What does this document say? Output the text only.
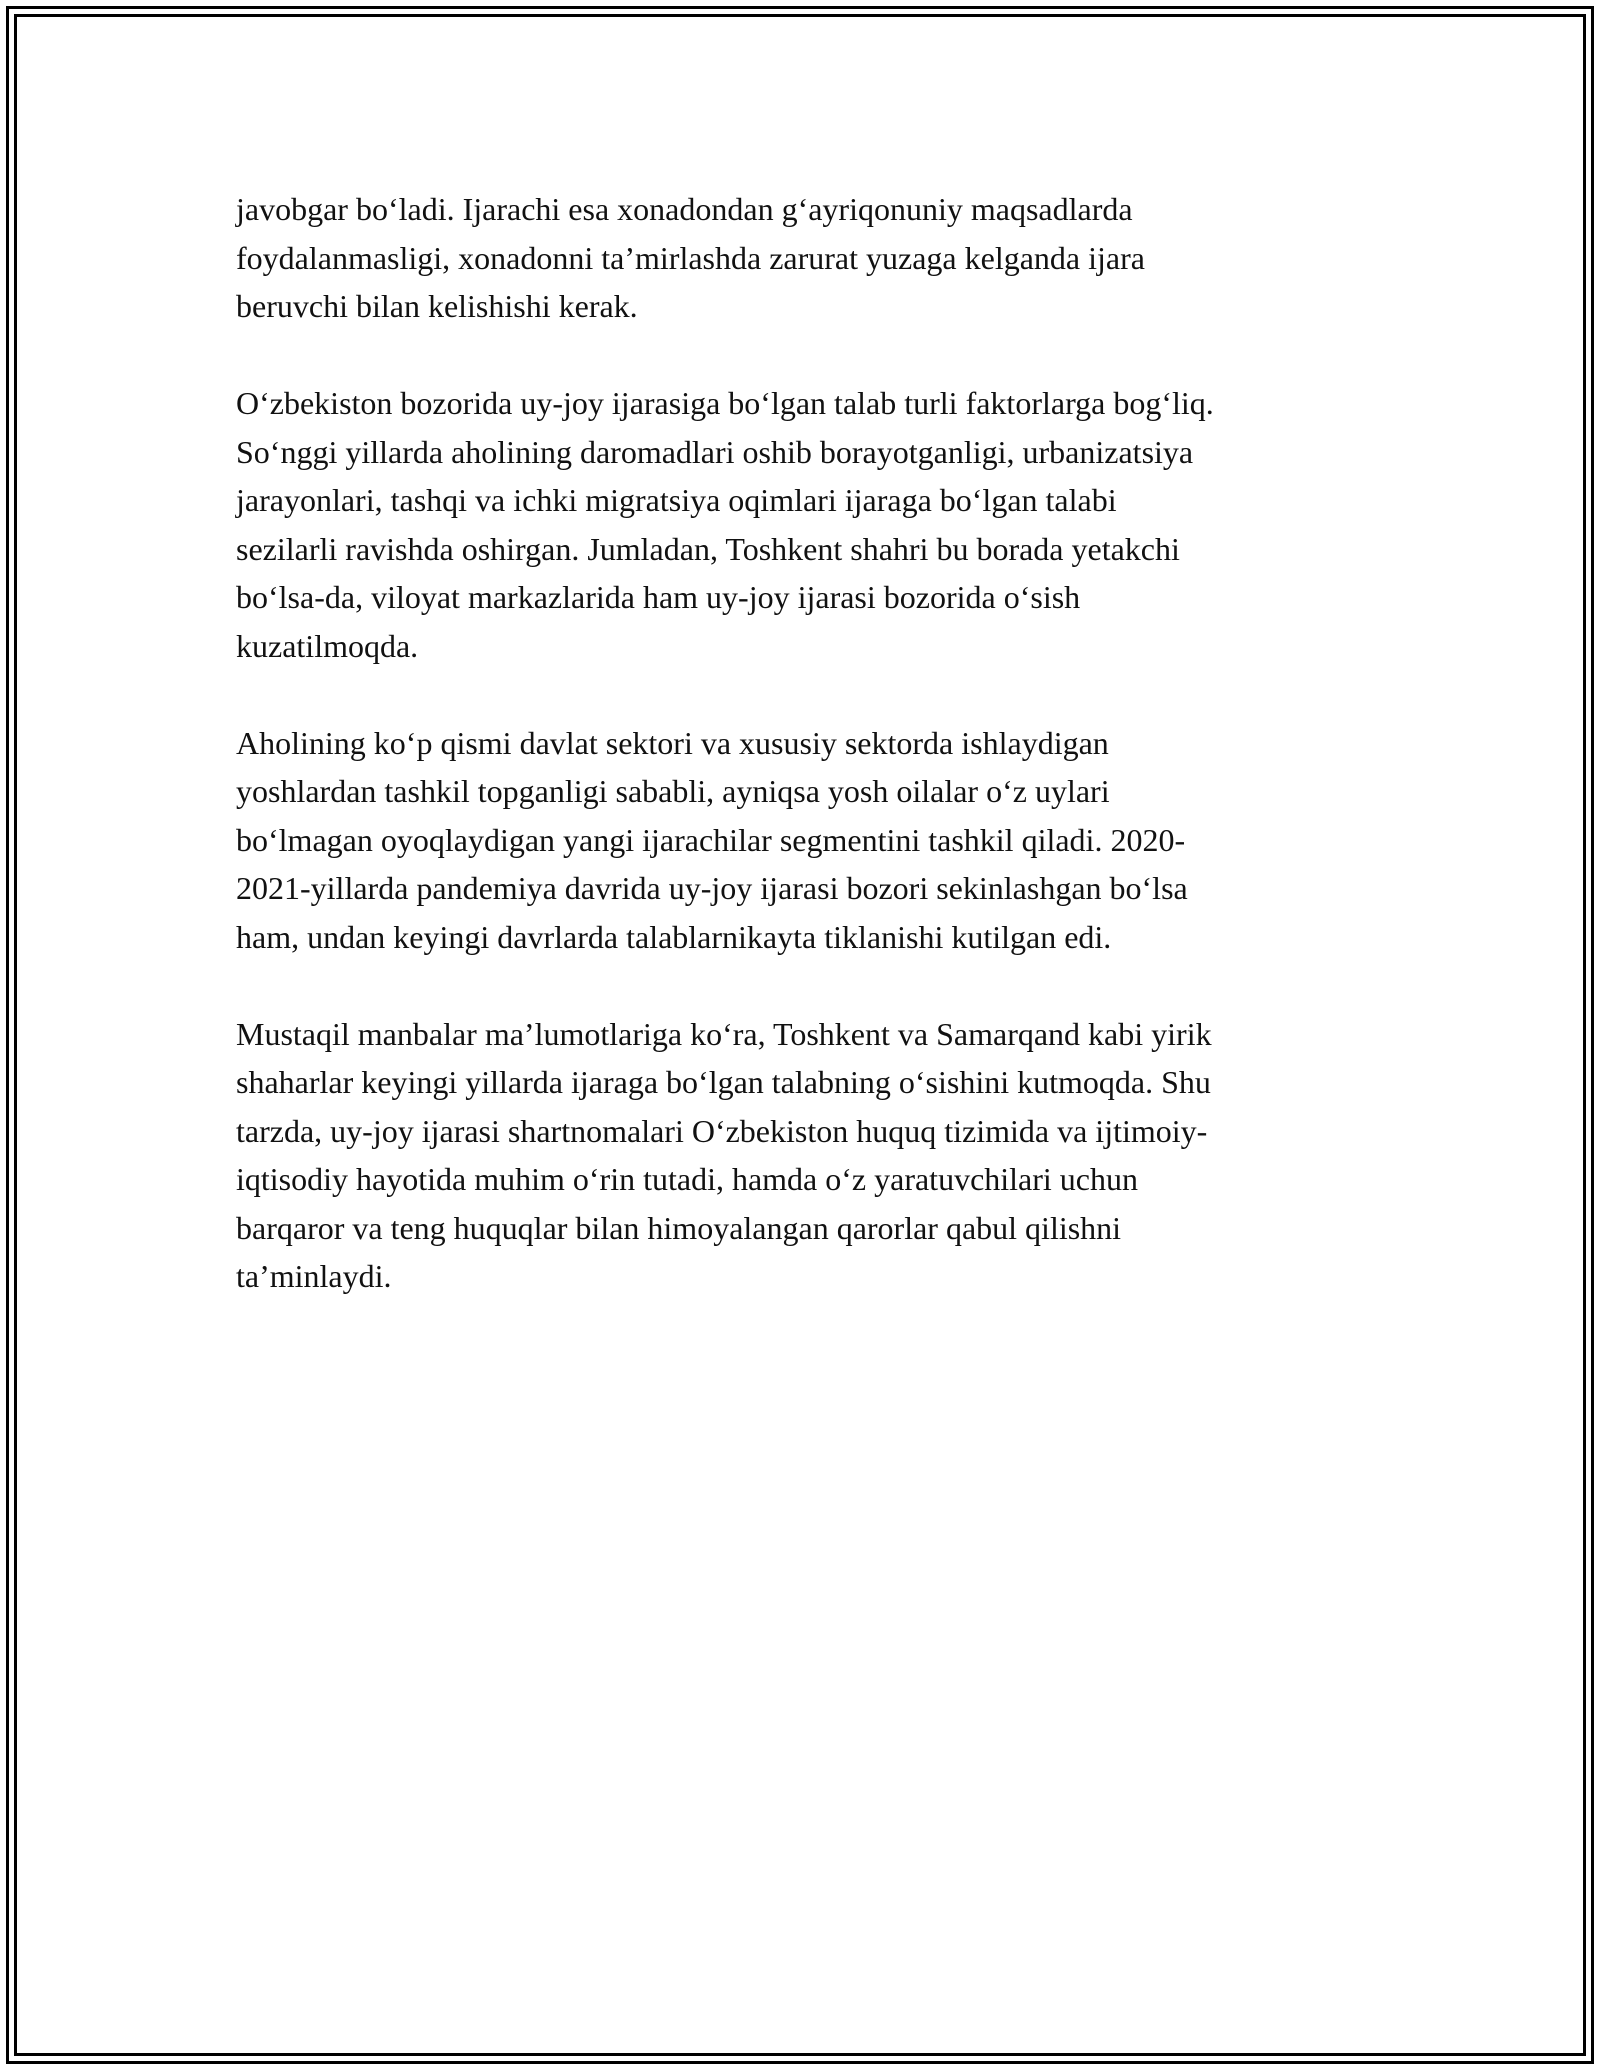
javobgar bo‘ladi. Ijarachi esa xonadondan g‘ayriqonuniy maqsadlarda
foydalanmasligi, xonadonni ta’mirlashda zarurat yuzaga kelganda ijara
beruvchi bilan kelishishi kerak.

O‘zbekiston bozorida uy-joy ijarasiga bo‘lgan talab turli faktorlarga bog‘liq.
So‘nggi yillarda aholining daromadlari oshib borayotganligi, urbanizatsiya
jarayonlari, tashqi va ichki migratsiya oqimlari ijaraga bo‘lgan talabi
sezilarli ravishda oshirgan. Jumladan, Toshkent shahri bu borada yetakchi
bo‘lsa-da, viloyat markazlarida ham uy-joy ijarasi bozorida o‘sish
kuzatilmoqda.

Aholining ko‘p qismi davlat sektori va xususiy sektorda ishlaydigan
yoshlardan tashkil topganligi sababli, ayniqsa yosh oilalar o‘z uylari
bo‘lmagan oyoqlaydigan yangi ijarachilar segmentini tashkil qiladi. 2020-
2021-yillarda pandemiya davrida uy-joy ijarasi bozori sekinlashgan bo‘lsa
ham, undan keyingi davrlarda talablarnikayta tiklanishi kutilgan edi.

Mustaqil manbalar ma’lumotlariga ko‘ra, Toshkent va Samarqand kabi yirik
shaharlar keyingi yillarda ijaraga bo‘lgan talabning o‘sishini kutmoqda. Shu
tarzda, uy-joy ijarasi shartnomalari O‘zbekiston huquq tizimida va ijtimoiy-
iqtisodiy hayotida muhim o‘rin tutadi, hamda o‘z yaratuvchilari uchun
barqaror va teng huquqlar bilan himoyalangan qarorlar qabul qilishni
ta’minlaydi.
